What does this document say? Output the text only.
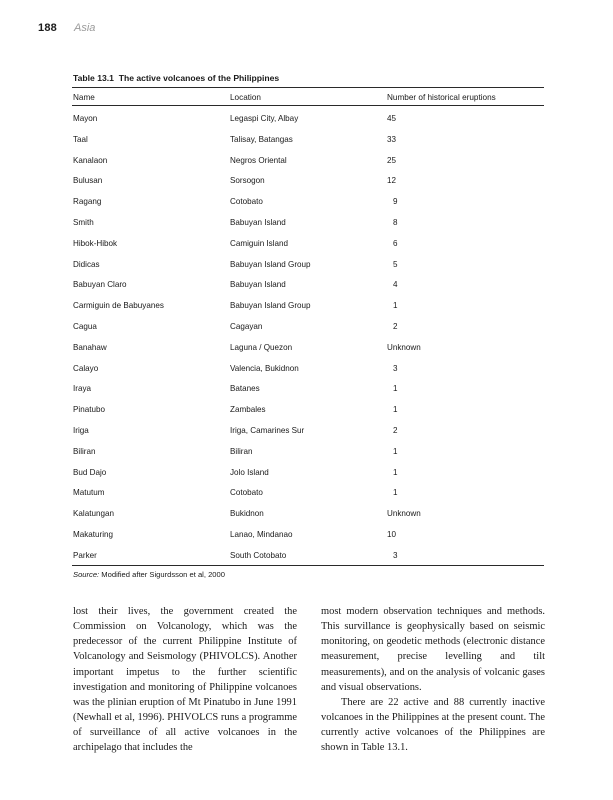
188 Asia
Table 13.1 The active volcanoes of the Philippines
Name	Location	Number of historical eruptions
Mayon	Legaspi City, Albay	45
Taal	Talisay, Batangas	33
Kanalaon	Negros Oriental	25
Bulusan	Sorsogon	12
Ragang	Cotobato	9
Smith	Babuyan Island	8
Hibok-Hibok	Camiguin Island	6
Didicas	Babuyan Island Group	5
Babuyan Claro	Babuyan Island	4
Carmiguin de Babuyanes	Babuyan Island Group	1
Cagua	Cagayan	2
Banahaw	Laguna / Quezon	Unknown
Calayo	Valencia, Bukidnon	3
Iraya	Batanes	1
Pinatubo	Zambales	1
Iriga	Iriga, Camarines Sur	2
Biliran	Biliran	1
Bud Dajo	Jolo Island	1
Matutum	Cotobato	1
Kalatungan	Bukidnon	Unknown
Makaturing	Lanao, Mindanao	10
Parker	South Cotobato	3
Source: Modified after Sigurdsson et al, 2000

lost their lives, the government created the Commission on Volcanology, which was the predecessor of the current Philippine Institute of Volcanology and Seismology (PHIVOLCS). Another important impetus to the further scientific investigation and monitoring of Philippine volcanoes was the plinian eruption of Mt Pinatubo in June 1991 (Newhall et al, 1996). PHIVOLCS runs a programme of surveillance of all active volcanoes in the archipelago that includes the

most modern observation techniques and methods. This survillance is geophysically based on seismic monitoring, on geodetic methods (electronic distance measurement, precise levelling and tilt measurements), and on the analysis of volcanic gases and visual observations.

There are 22 active and 88 currently inactive volcanoes in the Philippines at the present count. The currently active volcanoes of the Philippines are shown in Table 13.1.
